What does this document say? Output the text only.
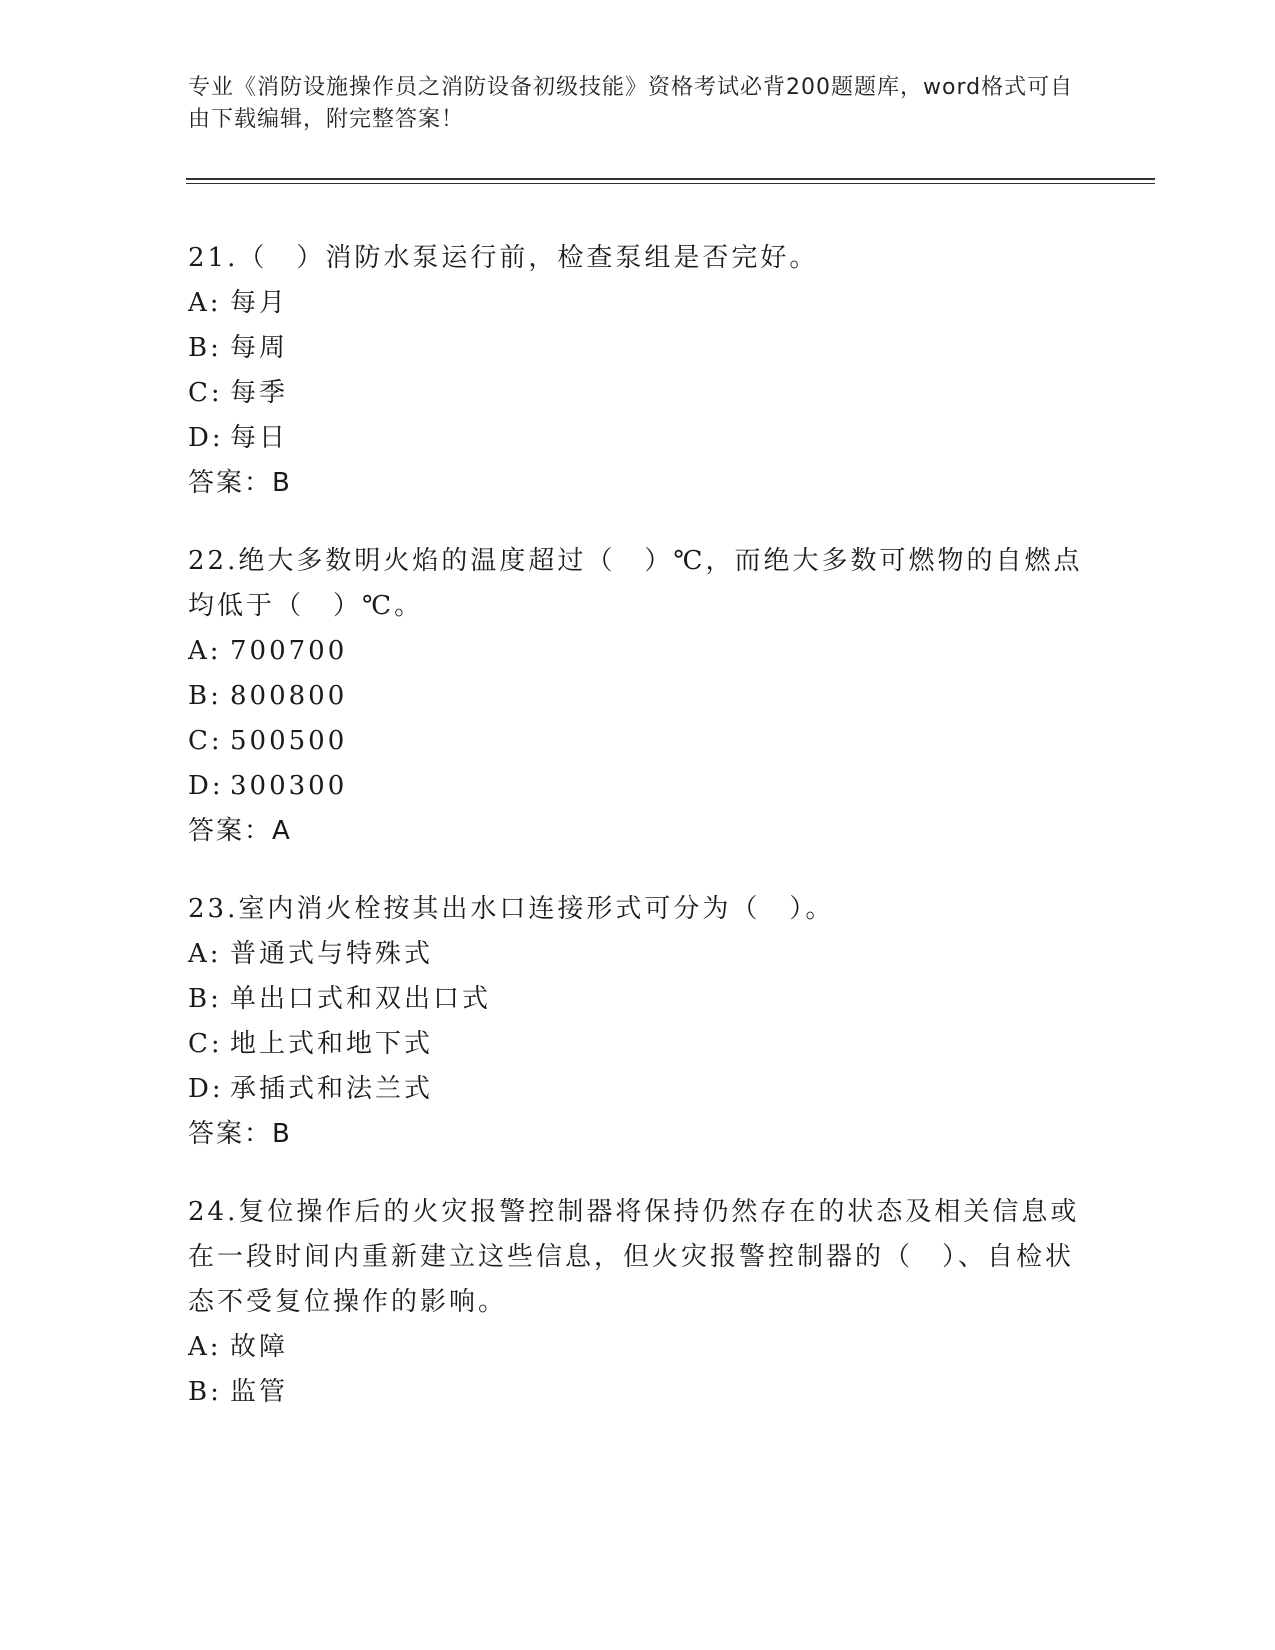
专业《消防设施操作员之消防设备初级技能》资格考试必背200题题库，word格式可自由下载编辑，附完整答案！
21.（　）消防水泵运行前，检查泵组是否完好。
A: 每月
B: 每周
C: 每季
D: 每日
答案：B
22.绝大多数明火焰的温度超过（　）℃，而绝大多数可燃物的自燃点均低于（　）℃。
A: 700700
B: 800800
C: 500500
D: 300300
答案：A
23.室内消火栓按其出水口连接形式可分为（　）。
A: 普通式与特殊式
B: 单出口式和双出口式
C: 地上式和地下式
D: 承插式和法兰式
答案：B
24.复位操作后的火灾报警控制器将保持仍然存在的状态及相关信息或在一段时间内重新建立这些信息，但火灾报警控制器的（　）、自检状态不受复位操作的影响。
A: 故障
B: 监管
